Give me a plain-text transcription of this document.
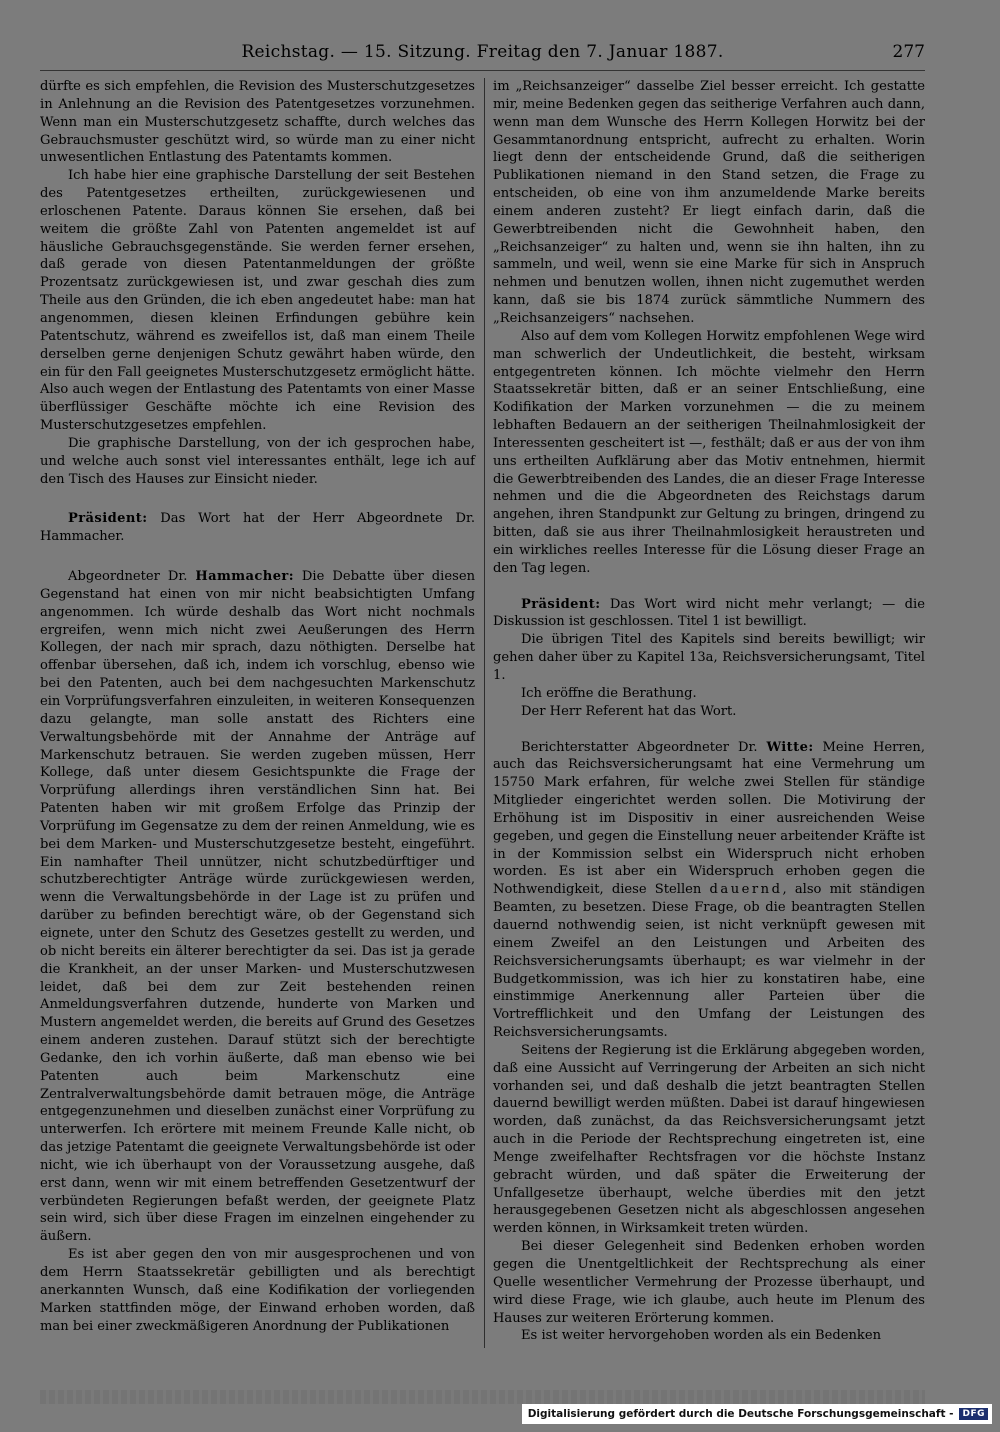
Reichstag. — 15. Sitzung. Freitag den 7. Januar 1887.	277

dürfte es sich empfehlen, die Revision des Musterschutzgesetzes in Anlehnung an die Revision des Patentgesetzes vorzunehmen. Wenn man ein Musterschutzgesetz schaffte, durch welches das Gebrauchsmuster geschützt wird, so würde man zu einer nicht unwesentlichen Entlastung des Patentamts kommen.

Ich habe hier eine graphische Darstellung der seit Bestehen des Patentgesetzes ertheilten, zurückgewiesenen und erloschenen Patente. Daraus können Sie ersehen, daß bei weitem die größte Zahl von Patenten angemeldet ist auf häusliche Gebrauchsgegenstände. Sie werden ferner ersehen, daß gerade von diesen Patentanmeldungen der größte Prozentsatz zurückgewiesen ist, und zwar geschah dies zum Theile aus den Gründen, die ich eben angedeutet habe: man hat angenommen, diesen kleinen Erfindungen gebühre kein Patentschutz, während es zweifellos ist, daß man einem Theile derselben gerne denjenigen Schutz gewährt haben würde, den ein für den Fall geeignetes Musterschutzgesetz ermöglicht hätte. Also auch wegen der Entlastung des Patentamts von einer Masse überflüssiger Geschäfte möchte ich eine Revision des Musterschutzgesetzes empfehlen.

Die graphische Darstellung, von der ich gesprochen habe, und welche auch sonst viel interessantes enthält, lege ich auf den Tisch des Hauses zur Einsicht nieder.

Präsident: Das Wort hat der Herr Abgeordnete Dr. Hammacher.

Abgeordneter Dr. Hammacher: Die Debatte über diesen Gegenstand hat einen von mir nicht beabsichtigten Umfang angenommen. Ich würde deshalb das Wort nicht nochmals ergreifen, wenn mich nicht zwei Aeußerungen des Herrn Kollegen, der nach mir sprach, dazu nöthigten. Derselbe hat offenbar übersehen, daß ich, indem ich vorschlug, ebenso wie bei den Patenten, auch bei dem nachgesuchten Markenschutz ein Vorprüfungsverfahren einzuleiten, in weiteren Konsequenzen dazu gelangte, man solle anstatt des Richters eine Verwaltungsbehörde mit der Annahme der Anträge auf Markenschutz betrauen. Sie werden zugeben müssen, Herr Kollege, daß unter diesem Gesichtspunkte die Frage der Vorprüfung allerdings ihren verständlichen Sinn hat. Bei Patenten haben wir mit großem Erfolge das Prinzip der Vorprüfung im Gegensatze zu dem der reinen Anmeldung, wie es bei dem Marken- und Musterschutzgesetze besteht, eingeführt. Ein namhafter Theil unnützer, nicht schutzbedürftiger und schutzberechtigter Anträge würde zurückgewiesen werden, wenn die Verwaltungsbehörde in der Lage ist zu prüfen und darüber zu befinden berechtigt wäre, ob der Gegenstand sich eignete, unter den Schutz des Gesetzes gestellt zu werden, und ob nicht bereits ein älterer berechtigter da sei. Das ist ja gerade die Krankheit, an der unser Marken- und Musterschutzwesen leidet, daß bei dem zur Zeit bestehenden reinen Anmeldungsverfahren dutzende, hunderte von Marken und Mustern angemeldet werden, die bereits auf Grund des Gesetzes einem anderen zustehen. Darauf stützt sich der berechtigte Gedanke, den ich vorhin äußerte, daß man ebenso wie bei Patenten auch beim Markenschutz eine Zentralverwaltungsbehörde damit betrauen möge, die Anträge entgegenzunehmen und dieselben zunächst einer Vorprüfung zu unterwerfen. Ich erörtere mit meinem Freunde Kalle nicht, ob das jetzige Patentamt die geeignete Verwaltungsbehörde ist oder nicht, wie ich überhaupt von der Voraussetzung ausgehe, daß erst dann, wenn wir mit einem betreffenden Gesetzentwurf der verbündeten Regierungen befaßt werden, der geeignete Platz sein wird, sich über diese Fragen im einzelnen eingehender zu äußern.

Es ist aber gegen den von mir ausgesprochenen und von dem Herrn Staatssekretär gebilligten und als berechtigt anerkannten Wunsch, daß eine Kodifikation der vorliegenden Marken stattfinden möge, der Einwand erhoben worden, daß man bei einer zweckmäßigeren Anordnung der Publikationen

im „Reichsanzeiger“ dasselbe Ziel besser erreicht. Ich gestatte mir, meine Bedenken gegen das seitherige Verfahren auch dann, wenn man dem Wunsche des Herrn Kollegen Horwitz bei der Gesammtanordnung entspricht, aufrecht zu erhalten. Worin liegt denn der entscheidende Grund, daß die seitherigen Publikationen niemand in den Stand setzen, die Frage zu entscheiden, ob eine von ihm anzumeldende Marke bereits einem anderen zusteht? Er liegt einfach darin, daß die Gewerbtreibenden nicht die Gewohnheit haben, den „Reichsanzeiger“ zu halten und, wenn sie ihn halten, ihn zu sammeln, und weil, wenn sie eine Marke für sich in Anspruch nehmen und benutzen wollen, ihnen nicht zugemuthet werden kann, daß sie bis 1874 zurück sämmtliche Nummern des „Reichsanzeigers“ nachsehen.

Also auf dem vom Kollegen Horwitz empfohlenen Wege wird man schwerlich der Undeutlichkeit, die besteht, wirksam entgegentreten können. Ich möchte vielmehr den Herrn Staatssekretär bitten, daß er an seiner Entschließung, eine Kodifikation der Marken vorzunehmen — die zu meinem lebhaften Bedauern an der seitherigen Theilnahmlosigkeit der Interessenten gescheitert ist —, festhält; daß er aus der von ihm uns ertheilten Aufklärung aber das Motiv entnehmen, hiermit die Gewerbtreibenden des Landes, die an dieser Frage Interesse nehmen und die die Abgeordneten des Reichstags darum angehen, ihren Standpunkt zur Geltung zu bringen, dringend zu bitten, daß sie aus ihrer Theilnahmlosigkeit heraustreten und ein wirkliches reelles Interesse für die Lösung dieser Frage an den Tag legen.

Präsident: Das Wort wird nicht mehr verlangt; — die Diskussion ist geschlossen. Titel 1 ist bewilligt.

Die übrigen Titel des Kapitels sind bereits bewilligt; wir gehen daher über zu Kapitel 13a, Reichsversicherungsamt, Titel 1.

Ich eröffne die Berathung.

Der Herr Referent hat das Wort.

Berichterstatter Abgeordneter Dr. Witte: Meine Herren, auch das Reichsversicherungsamt hat eine Vermehrung um 15750 Mark erfahren, für welche zwei Stellen für ständige Mitglieder eingerichtet werden sollen. Die Motivirung der Erhöhung ist im Dispositiv in einer ausreichenden Weise gegeben, und gegen die Einstellung neuer arbeitender Kräfte ist in der Kommission selbst ein Widerspruch nicht erhoben worden. Es ist aber ein Widerspruch erhoben gegen die Nothwendigkeit, diese Stellen dauernd, also mit ständigen Beamten, zu besetzen. Diese Frage, ob die beantragten Stellen dauernd nothwendig seien, ist nicht verknüpft gewesen mit einem Zweifel an den Leistungen und Arbeiten des Reichsversicherungsamts überhaupt; es war vielmehr in der Budgetkommission, was ich hier zu konstatiren habe, eine einstimmige Anerkennung aller Parteien über die Vortrefflichkeit und den Umfang der Leistungen des Reichsversicherungsamts.

Seitens der Regierung ist die Erklärung abgegeben worden, daß eine Aussicht auf Verringerung der Arbeiten an sich nicht vorhanden sei, und daß deshalb die jetzt beantragten Stellen dauernd bewilligt werden müßten. Dabei ist darauf hingewiesen worden, daß zunächst, da das Reichsversicherungsamt jetzt auch in die Periode der Rechtsprechung eingetreten ist, eine Menge zweifelhafter Rechtsfragen vor die höchste Instanz gebracht würden, und daß später die Erweiterung der Unfallgesetze überhaupt, welche überdies mit den jetzt herausgegebenen Gesetzen nicht als abgeschlossen angesehen werden können, in Wirksamkeit treten würden.

Bei dieser Gelegenheit sind Bedenken erhoben worden gegen die Unentgeltlichkeit der Rechtsprechung als einer Quelle wesentlicher Vermehrung der Prozesse überhaupt, und wird diese Frage, wie ich glaube, auch heute im Plenum des Hauses zur weiteren Erörterung kommen.

Es ist weiter hervorgehoben worden als ein Bedenken

Digitalisierung gefördert durch die Deutsche Forschungsgemeinschaft -	DFG
